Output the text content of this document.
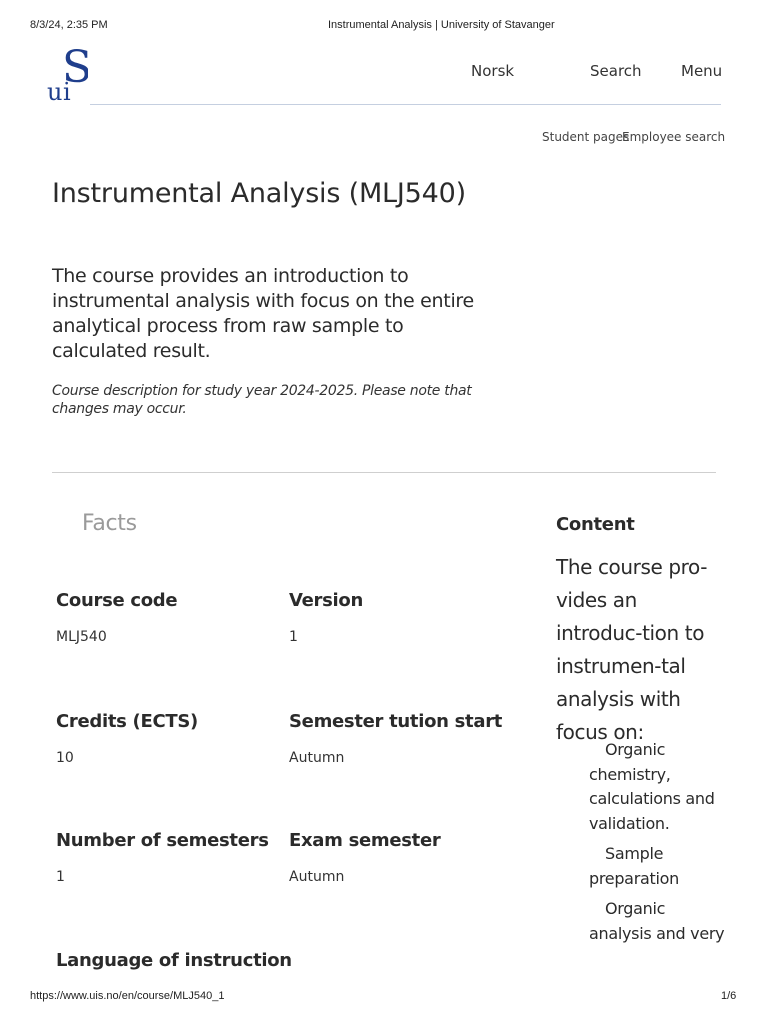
8/3/24, 2:35 PM	Instrumental Analysis | University of Stavanger
S
u i
Norsk	Search	Menu
Student pages
Employee search
Instrumental Analysis (MLJ540)

The course provides an introduction to instrumental analysis with focus on the entire analytical process from raw sample to calculated result.

Course description for study year 2024-2025. Please note that changes may occur.

Facts
Course code
MLJ540
Version
1
Credits (ECTS)
10
Semester tution start
Autumn
Number of semesters
1
Exam semester
Autumn
Language of instruction
Content

The course pro-vides an introduc-tion to instrumen-tal analysis with focus on:

Organic chemistry, calculations and validation.
Sample preparation
Organic analysis and very
https://www.uis.no/en/course/MLJ540_1	1/6
